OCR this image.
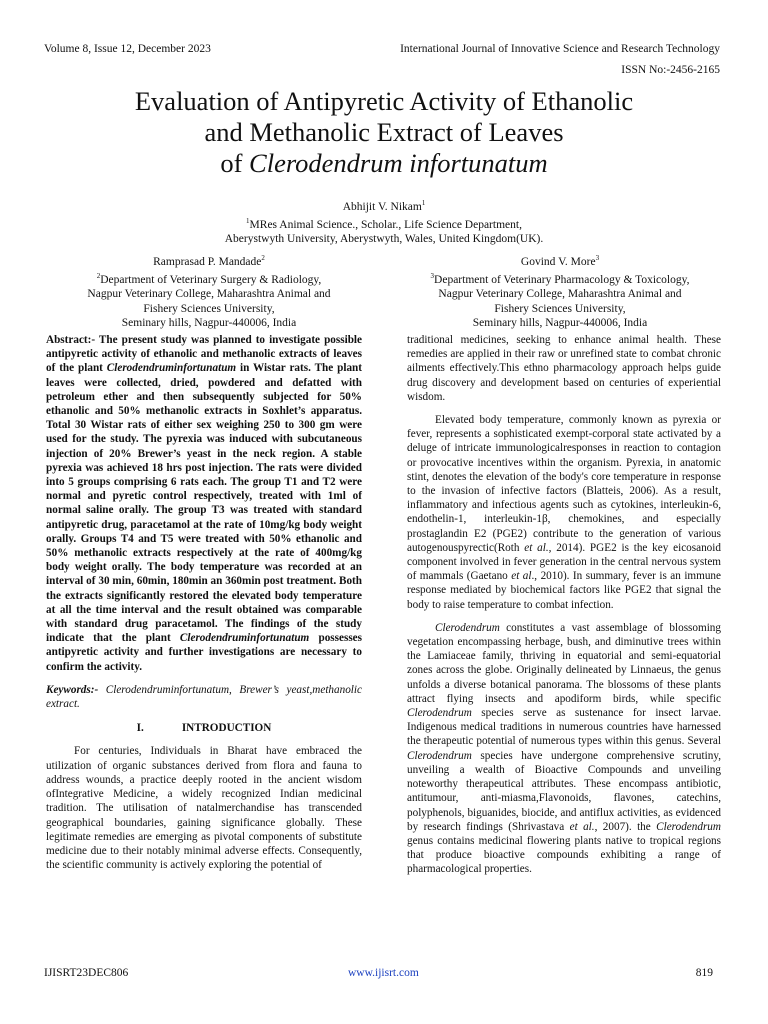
Volume 8, Issue 12, December 2023	International Journal of Innovative Science and Research Technology
ISSN No:-2456-2165
Evaluation of Antipyretic Activity of Ethanolic
and Methanolic Extract of Leaves
of Clerodendrum infortunatum
Abhijit V. Nikam$^1$
$^1$MRes Animal Science., Scholar., Life Science Department,
Aberystwyth University, Aberystwyth, Wales, United Kingdom(UK).
Ramprasad P. Mandade$^2$
$^2$Department of Veterinary Surgery & Radiology,
Nagpur Veterinary College, Maharashtra Animal and
Fishery Sciences University,
Seminary hills, Nagpur-440006, India
Govind V. More$^3$
$^3$Department of Veterinary Pharmacology & Toxicology,
Nagpur Veterinary College, Maharashtra Animal and
Fishery Sciences University,
Seminary hills, Nagpur-440006, India

Abstract:- The present study was planned to investigate possible antipyretic activity of ethanolic and methanolic extracts of leaves of the plant Clerodendruminfortunatum in Wistar rats. The plant leaves were collected, dried, powdered and defatted with petroleum ether and then subsequently subjected for 50% ethanolic and 50% methanolic extracts in Soxhlet’s apparatus. Total 30 Wistar rats of either sex weighing 250 to 300 gm were used for the study. The pyrexia was induced with subcutaneous injection of 20% Brewer’s yeast in the neck region. A stable pyrexia was achieved 18 hrs post injection. The rats were divided into 5 groups comprising 6 rats each. The group T1 and T2 were normal and pyretic control respectively, treated with 1ml of normal saline orally. The group T3 was treated with standard antipyretic drug, paracetamol at the rate of 10mg/kg body weight orally. Groups T4 and T5 were treated with 50% ethanolic and 50% methanolic extracts respectively at the rate of 400mg/kg body weight orally. The body temperature was recorded at an interval of 30 min, 60min, 180min an 360min post treatment. Both the extracts significantly restored the elevated body temperature at all the time interval and the result obtained was comparable with standard drug paracetamol. The findings of the study indicate that the plant Clerodendruminfortunatum possesses antipyretic activity and further investigations are necessary to confirm the activity.

Keywords:- Clerodendruminfortunatum, Brewer’s yeast,methanolic extract.

I.	INTRODUCTION

For centuries, Individuals in Bharat have embraced the utilization of organic substances derived from flora and fauna to address wounds, a practice deeply rooted in the ancient wisdom ofIntegrative Medicine, a widely recognized Indian medicinal tradition. The utilisation of natalmerchandise has transcended geographical boundaries, gaining significance globally. These legitimate remedies are emerging as pivotal components of substitute medicine due to their notably minimal adverse effects. Consequently, the scientific community is actively exploring the potential of

traditional medicines, seeking to enhance animal health. These remedies are applied in their raw or unrefined state to combat chronic ailments effectively.This ethno pharmacology approach helps guide drug discovery and development based on centuries of experiential wisdom.

Elevated body temperature, commonly known as pyrexia or fever, represents a sophisticated exempt-corporal state activated by a deluge of intricate immunologicalresponses in reaction to contagion or provocative incentives within the organism. Pyrexia, in anatomic stint, denotes the elevation of the body's core temperature in response to the invasion of infective factors (Blatteis, 2006). As a result, inflammatory and infectious agents such as cytokines, interleukin-6, endothelin-1, interleukin-1β, chemokines, and especially prostaglandin E2 (PGE2) contribute to the generation of various autogenouspyrectic(Roth et al., 2014). PGE2 is the key eicosanoid component involved in fever generation in the central nervous system of mammals (Gaetano et al., 2010). In summary, fever is an immune response mediated by biochemical factors like PGE2 that signal the body to raise temperature to combat infection.

Clerodendrum constitutes a vast assemblage of blossoming vegetation encompassing herbage, bush, and diminutive trees within the Lamiaceae family, thriving in equatorial and semi-equatorial zones across the globe. Originally delineated by Linnaeus, the genus unfolds a diverse botanical panorama. The blossoms of these plants attract flying insects and apodiform birds, while specific Clerodendrum species serve as sustenance for insect larvae. Indigenous medical traditions in numerous countries have harnessed the therapeutic potential of numerous types within this genus. Several Clerodendrum species have undergone comprehensive scrutiny, unveiling a wealth of Bioactive Compounds and unveiling noteworthy therapeutical attributes. These encompass antibiotic, antitumour, anti-miasma,Flavonoids, flavones, catechins, polyphenols, biguanides, biocide, and antiflux activities, as evidenced by research findings (Shrivastava et al., 2007). the Clerodendrum genus contains medicinal flowering plants native to tropical regions that produce bioactive compounds exhibiting a range of pharmacological properties.

IJISRT23DEC806	www.ijisrt.com	819
